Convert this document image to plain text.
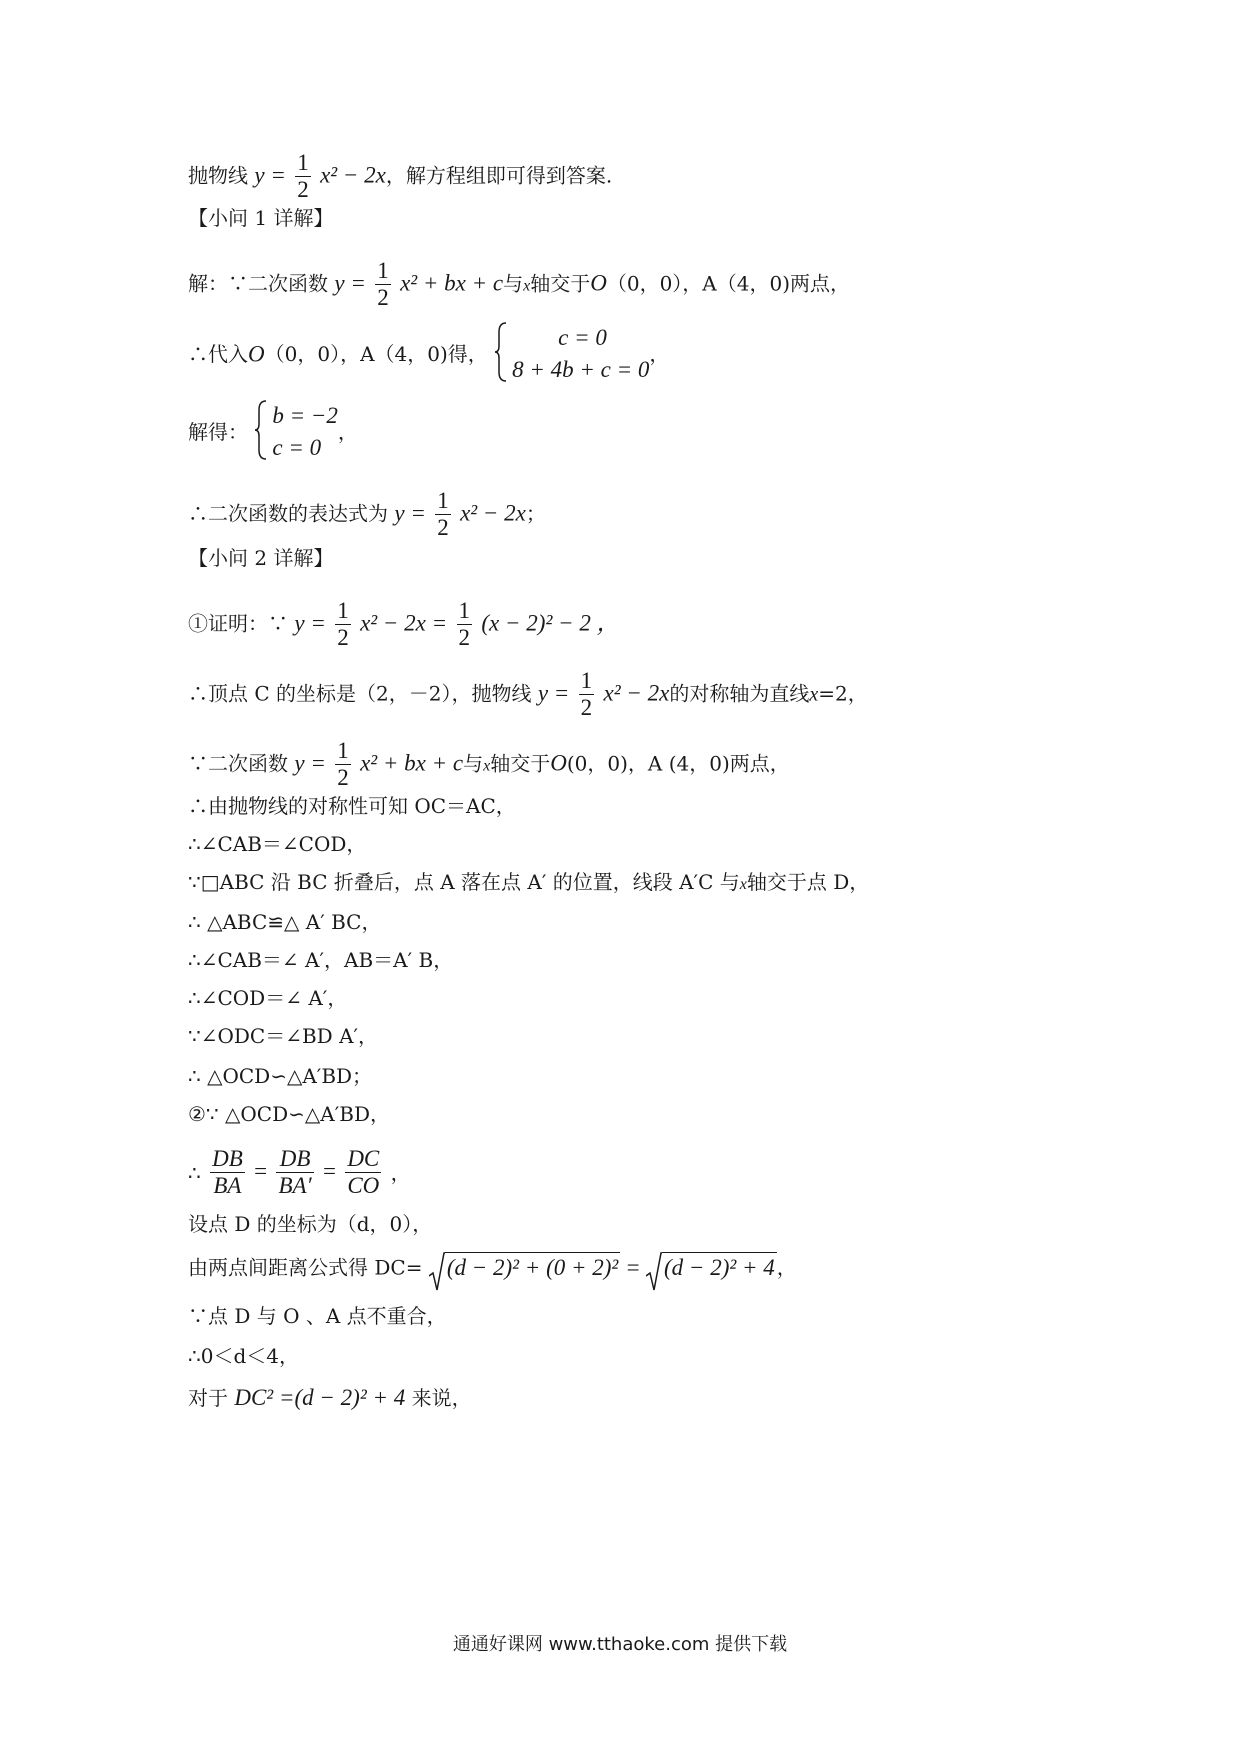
抛物线 $y = \frac{1}{2} x^2 - 2x$，解方程组即可得到答案.
【小问 1 详解】
解：∵二次函数 $y = \frac{1}{2} x^2$ + bx + c与x轴交于O（0，0），A（4，0)两点，
∴代入O（0，0），A（4，0)得，
c = 0
8 + 4b + c = 0
，
解得：
b = −2
c = 0
，
∴二次函数的表达式为 $y = \frac{1}{2} x^2 - 2x$；
【小问 2 详解】
①证明：∵ $y = \frac{1}{2} x^2 - 2x = \frac{1}{2} (x - 2)^2 - 2$ ，
∴顶点 C 的坐标是（2，－2），抛物线 $y = \frac{1}{2} x^2 - 2x$的对称轴为直线x=2，
∵二次函数 $y = \frac{1}{2} x^2$ + bx + c与x轴交于O(0，0)，A (4，0)两点，
∴由抛物线的对称性可知 OC＝AC，
∴∠CAB＝∠COD，
∵□ABC 沿 BC 折叠后，点 A 落在点 A′ 的位置，线段 A′C 与x轴交于点 D，
∴ △ABC≌△ A′ BC，
∴∠CAB＝∠ A′，AB＝A′ B，
∴∠COD＝∠ A′，
∵∠ODC＝∠BD A′，
∴ △OCD∽△A′BD；
②∵ △OCD∽△A′BD，
∴ $\frac{DB}{BA} = \frac{DB}{BA'} = \frac{DC}{CO}$ ，
设点 D 的坐标为（d，0），
由两点间距离公式得 DC= (d − 2)² + (0 + 2)² = (d − 2)² + 4 ，
∵点 D 与 O 、A 点不重合，
∴0＜d＜4，
对于 DC² =(d − 2)² + 4 来说，
通通好课网 www.tthaoke.com 提供下载
